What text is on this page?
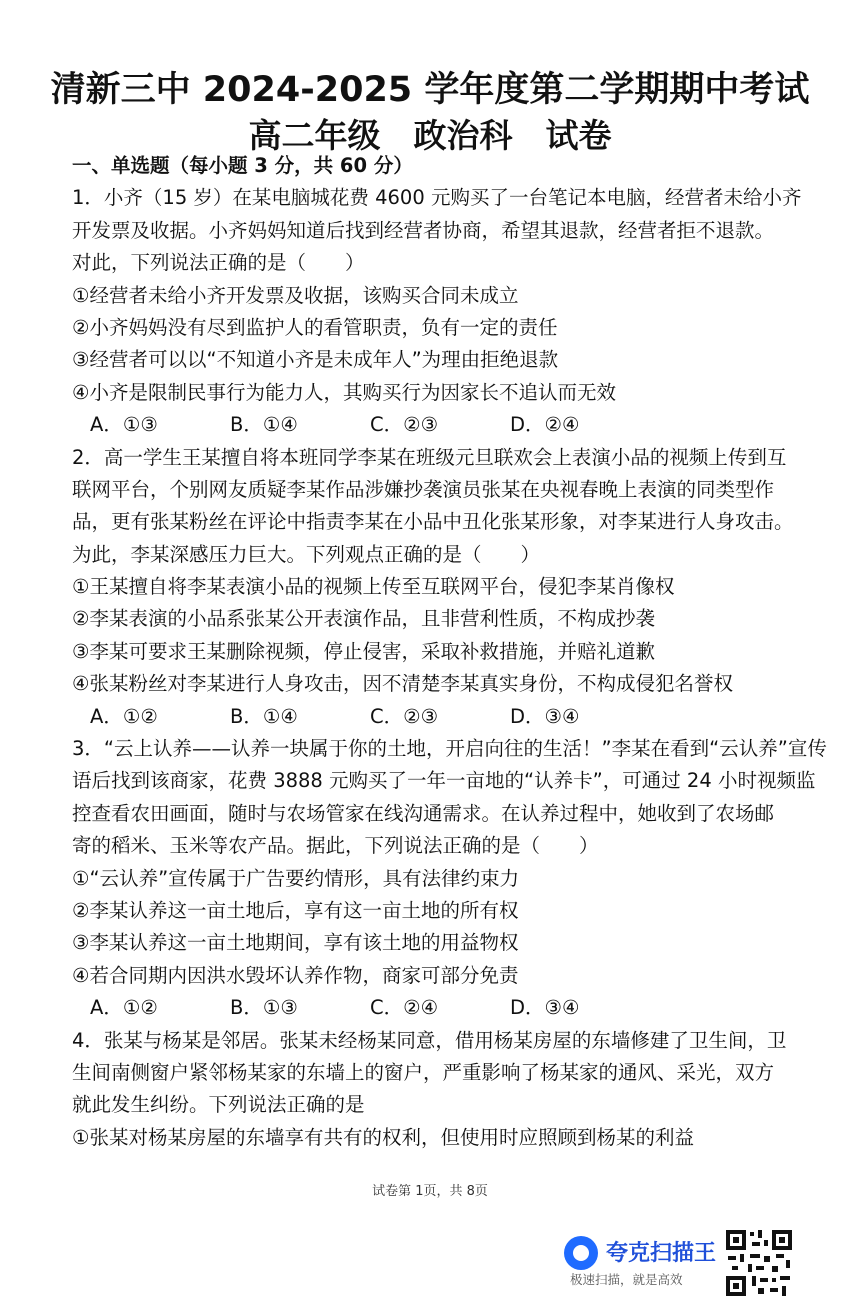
清新三中 2024-2025 学年度第二学期期中考试
高二年级　政治科　试卷
一、单选题（每小题 3 分，共 60 分）
1．小齐（15 岁）在某电脑城花费 4600 元购买了一台笔记本电脑，经营者未给小齐
开发票及收据。小齐妈妈知道后找到经营者协商，希望其退款，经营者拒不退款。
对此，下列说法正确的是（　　）
①经营者未给小齐开发票及收据，该购买合同未成立
②小齐妈妈没有尽到监护人的看管职责，负有一定的责任
③经营者可以以“不知道小齐是未成年人”为理由拒绝退款
④小齐是限制民事行为能力人，其购买行为因家长不追认而无效
A．①③	B．①④	C．②③	D．②④
2．高一学生王某擅自将本班同学李某在班级元旦联欢会上表演小品的视频上传到互
联网平台，个别网友质疑李某作品涉嫌抄袭演员张某在央视春晚上表演的同类型作
品，更有张某粉丝在评论中指责李某在小品中丑化张某形象，对李某进行人身攻击。
为此，李某深感压力巨大。下列观点正确的是（　　）
①王某擅自将李某表演小品的视频上传至互联网平台，侵犯李某肖像权
②李某表演的小品系张某公开表演作品，且非营利性质，不构成抄袭
③李某可要求王某删除视频，停止侵害，采取补救措施，并赔礼道歉
④张某粉丝对李某进行人身攻击，因不清楚李某真实身份，不构成侵犯名誉权
A．①②	B．①④	C．②③	D．③④
3．“云上认养——认养一块属于你的土地，开启向往的生活！”李某在看到“云认养”宣传
语后找到该商家，花费 3888 元购买了一年一亩地的“认养卡”，可通过 24 小时视频监
控查看农田画面，随时与农场管家在线沟通需求。在认养过程中，她收到了农场邮
寄的稻米、玉米等农产品。据此，下列说法正确的是（　　）
①“云认养”宣传属于广告要约情形，具有法律约束力
②李某认养这一亩土地后，享有这一亩土地的所有权
③李某认养这一亩土地期间，享有该土地的用益物权
④若合同期内因洪水毁坏认养作物，商家可部分免责
A．①②	B．①③	C．②④	D．③④
4．张某与杨某是邻居。张某未经杨某同意，借用杨某房屋的东墙修建了卫生间，卫
生间南侧窗户紧邻杨某家的东墙上的窗户，严重影响了杨某家的通风、采光，双方
就此发生纠纷。下列说法正确的是
①张某对杨某房屋的东墙享有共有的权利，但使用时应照顾到杨某的利益
试卷第 1页，共 8页
夸克扫描王
极速扫描，就是高效
